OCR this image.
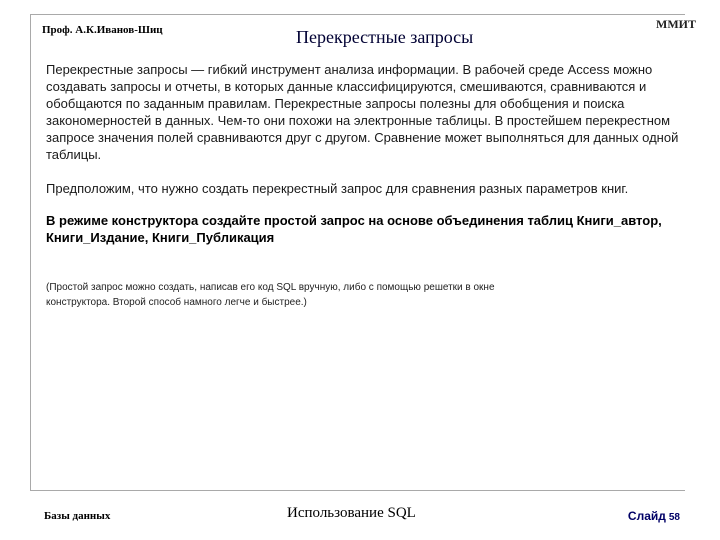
Проф. А.К.Иванов-Шиц	Перекрестные запросы
ММИТ
Перекрестные запросы — гибкий инструмент анализа информации. В рабочей среде Access можно создавать запросы и отчеты, в которых данные классифицируются, смешиваются, сравниваются и обобщаются по заданным правилам. Перекрестные запросы полезны для обобщения и поиска закономерностей в данных. Чем-то они похожи на электронные таблицы. В простейшем перекрестном запросе значения полей сравниваются друг с другом. Сравнение может выполняться для данных одной таблицы.
Предположим, что нужно создать перекрестный запрос для сравнения разных параметров книг.
В режиме конструктора создайте простой запрос на основе объединения таблиц Книги_автор, Книги_Издание, Книги_Публикация
(Простой запрос можно создать, написав его код SQL вручную, либо с помощью решетки в окне конструктора. Второй способ намного легче и быстрее.)
Базы данных	Использование SQL	Слайд 58
